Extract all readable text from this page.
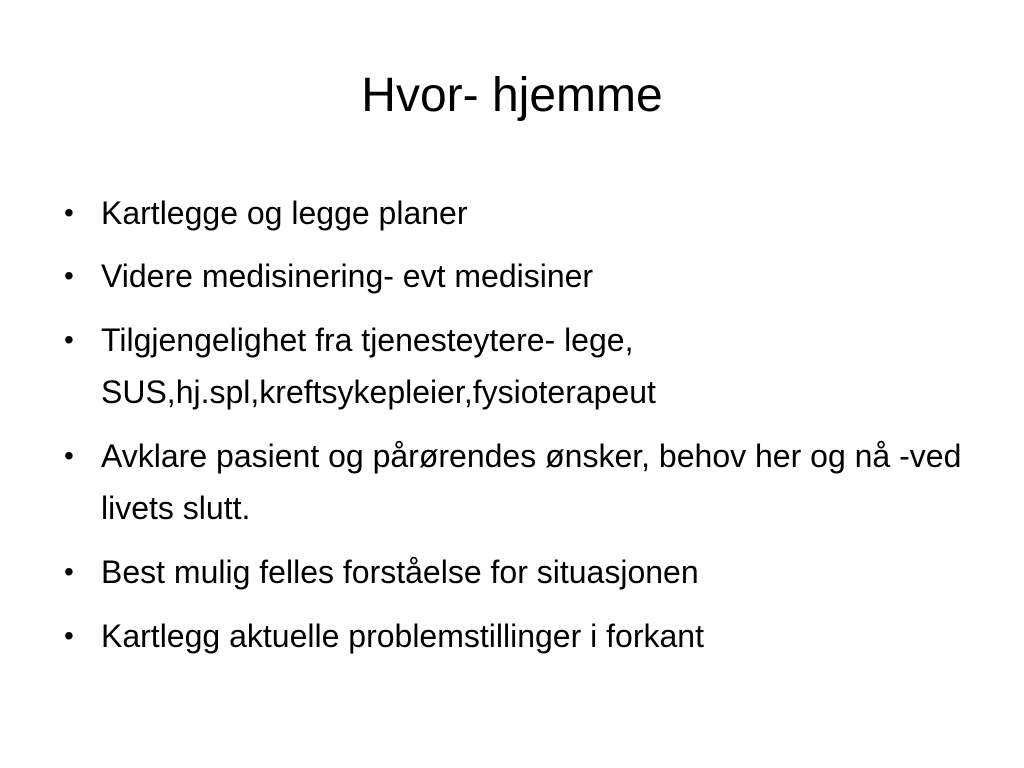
Hvor- hjemme
• Kartlegge og legge planer
• Videre medisinering- evt medisiner
• Tilgjengelighet fra tjenesteytere- lege, SUS,hj.spl,kreftsykepleier,fysioterapeut
• Avklare pasient og pårørendes ønsker, behov her og nå -ved livets slutt.
• Best mulig felles forståelse for situasjonen
• Kartlegg aktuelle problemstillinger i forkant
